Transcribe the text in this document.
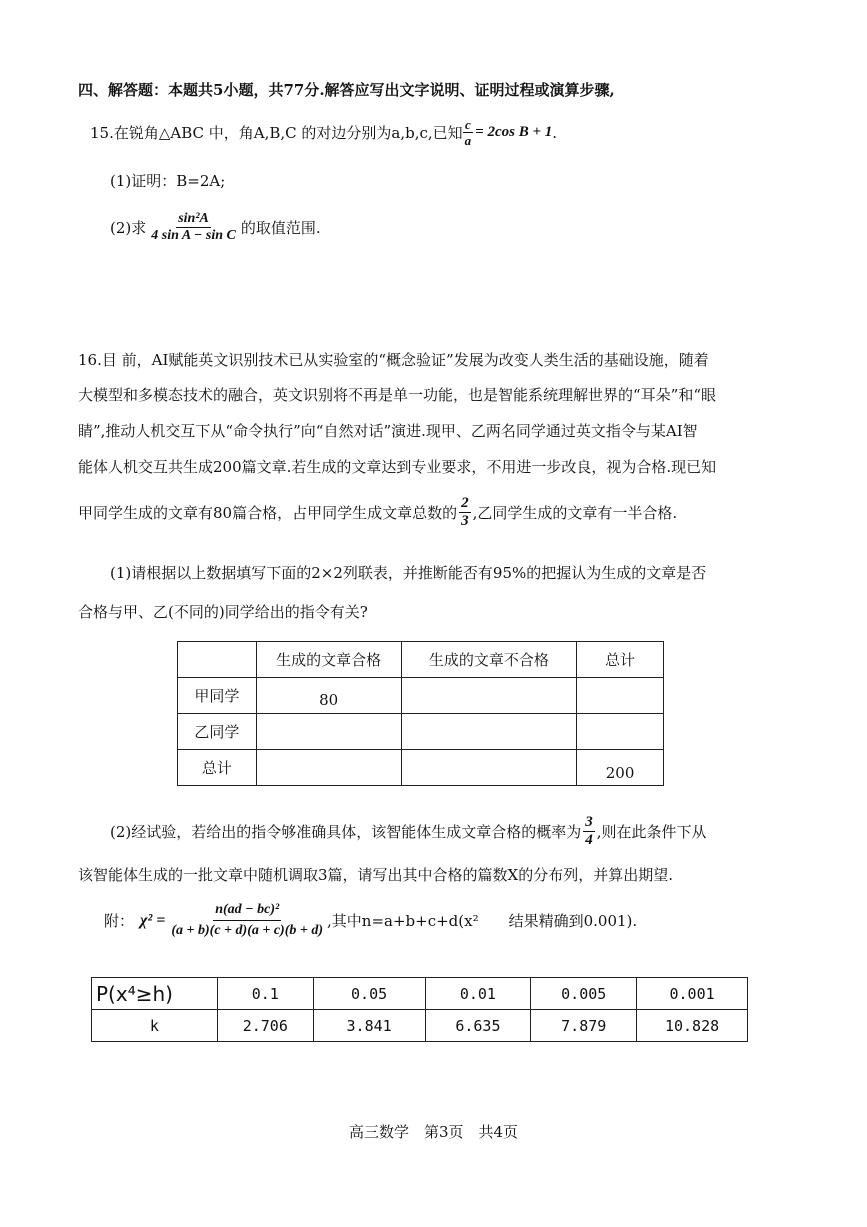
四、解答题：本题共5小题，共77分.解答应写出文字说明、证明过程或演算步骤,
15.在锐角△ABC 中，角A,B,C 的对边分别为a,b,c,已知 $\frac{c}{a} = 2\cos$ B + 1 .
(1)证明：B=2A;
(2)求 $\frac{\text{sin²A}}{\text{4 sin A − sin C}}$ 的取值范围.
16.目 前，AI赋能英文识别技术已从实验室的“概念验证”发展为改变人类生活的基础设施，随着
大模型和多模态技术的融合，英文识别将不再是单一功能，也是智能系统理解世界的“耳朵”和“眼
睛”,推动人机交互下从“命令执行”向“自然对话”演进.现甲、乙两名同学通过英文指令与某AI智
能体人机交互共生成200篇文章.若生成的文章达到专业要求，不用进一步改良，视为合格.现已知
甲同学生成的文章有80篇合格，占甲同学生成文章总数的 $\frac{2}{3}$ ,乙同学生成的文章有一半合格.
(1)请根据以上数据填写下面的2×2列联表，并推断能否有95%的把握认为生成的文章是否
合格与甲、乙(不同的)同学给出的指令有关?
	生成的文章合格	生成的文章不合格	总计
甲同学	80		
乙同学			
总计			200
(2)经试验，若给出的指令够准确具体，该智能体生成文章合格的概率为 $\frac{3}{4}$ ,则在此条件下从
该智能体生成的一批文章中随机调取3篇，请写出其中合格的篇数X的分布列，并算出期望.
附： $\chi^2 = \frac{\text{n(ad − bc)²}}{(a + b)(c + d)(a + c)(b + d)}$ ,其中n=a+b+c+d(x² 结果精确到0.001).
P(x⁴≥h)	0.1	0.05	0.01	0.005	0.001
k	2.706	3.841	6.635	7.879	10.828
高三数学　第3页　共4页
